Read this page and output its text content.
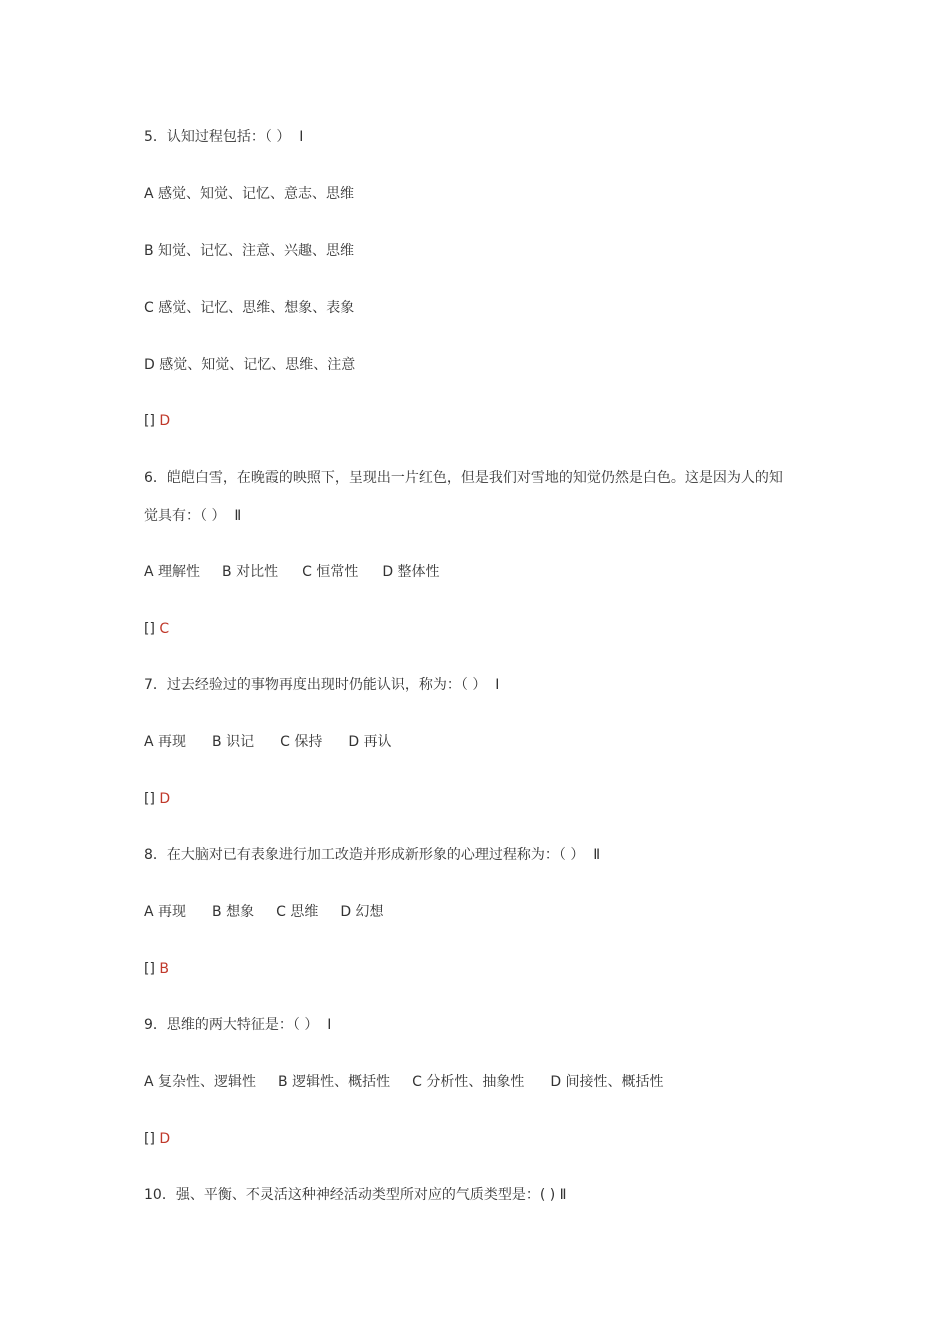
5．认知过程包括：（ ）  Ⅰ
A 感觉、知觉、记忆、意志、思维
B 知觉、记忆、注意、兴趣、思维
C 感觉、记忆、思维、想象、表象
D 感觉、知觉、记忆、思维、注意
[] D
6．皑皑白雪，在晚霞的映照下，呈现出一片红色，但是我们对雪地的知觉仍然是白色。这是因为人的知
觉具有：（ ）  Ⅱ
A 理解性 B 对比性 C 恒常性 D 整体性
[] C
7．过去经验过的事物再度出现时仍能认识，称为：（ ）  Ⅰ
A 再现 B 识记 C 保持 D 再认
[] D
8．在大脑对已有表象进行加工改造并形成新形象的心理过程称为：（ ）  Ⅱ
A 再现 B 想象 C 思维 D 幻想
[] B
9．思维的两大特征是：（ ）  Ⅰ
A 复杂性、逻辑性 B 逻辑性、概括性 C 分析性、抽象性 D 间接性、概括性
[] D
10．强、平衡、不灵活这种神经活动类型所对应的气质类型是：( ) Ⅱ
